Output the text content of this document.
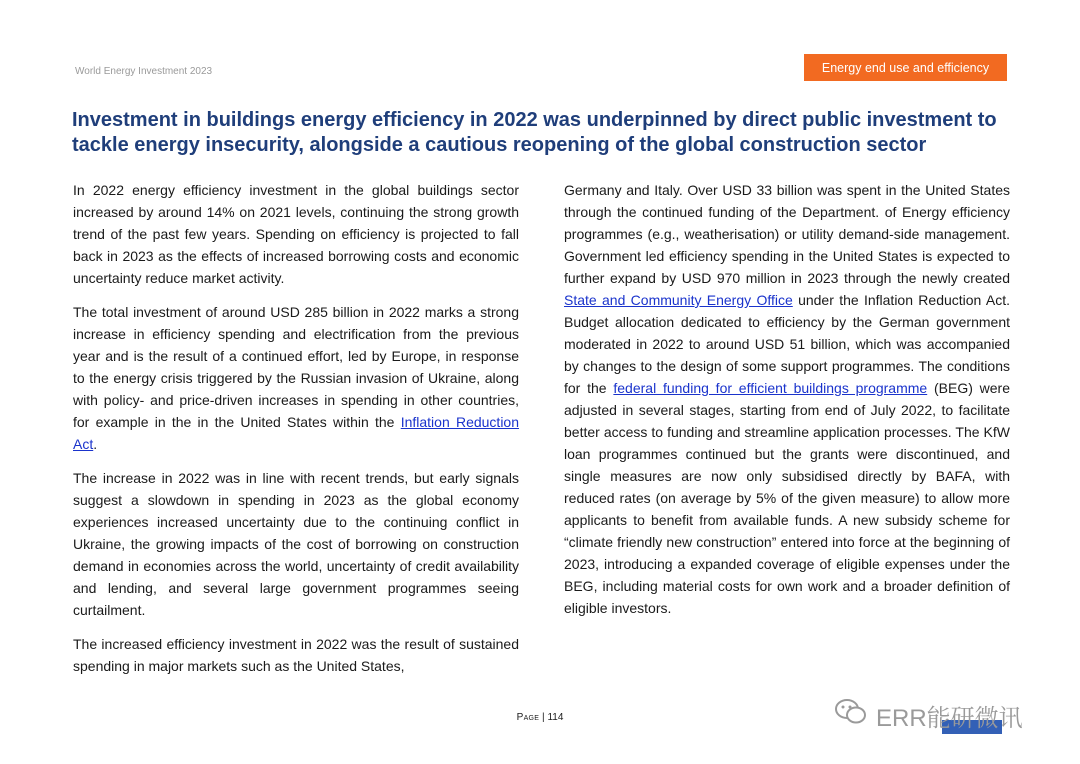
World Energy Investment 2023	Energy end use and efficiency
Investment in buildings energy efficiency in 2022 was underpinned by direct public investment to tackle energy insecurity, alongside a cautious reopening of the global construction sector

In 2022 energy efficiency investment in the global buildings sector increased by around 14% on 2021 levels, continuing the strong growth trend of the past few years. Spending on efficiency is projected to fall back in 2023 as the effects of increased borrowing costs and economic uncertainty reduce market activity.

The total investment of around USD 285 billion in 2022 marks a strong increase in efficiency spending and electrification from the previous year and is the result of a continued effort, led by Europe, in response to the energy crisis triggered by the Russian invasion of Ukraine, along with policy- and price-driven increases in spending in other countries, for example in the in the United States within the Inflation Reduction Act.

The increase in 2022 was in line with recent trends, but early signals suggest a slowdown in spending in 2023 as the global economy experiences increased uncertainty due to the continuing conflict in Ukraine, the growing impacts of the cost of borrowing on construction demand in economies across the world, uncertainty of credit availability and lending, and several large government programmes seeing curtailment.

The increased efficiency investment in 2022 was the result of sustained spending in major markets such as the United States,

Germany and Italy. Over USD 33 billion was spent in the United States through the continued funding of the Department. of Energy efficiency programmes (e.g., weatherisation) or utility demand-side management. Government led efficiency spending in the United States is expected to further expand by USD 970 million in 2023 through the newly created State and Community Energy Office under the Inflation Reduction Act. Budget allocation dedicated to efficiency by the German government moderated in 2022 to around USD 51 billion, which was accompanied by changes to the design of some support programmes. The conditions for the federal funding for efficient buildings programme (BEG) were adjusted in several stages, starting from end of July 2022, to facilitate better access to funding and streamline application processes. The KfW loan programmes continued but the grants were discontinued, and single measures are now only subsidised directly by BAFA, with reduced rates (on average by 5% of the given measure) to allow more applicants to benefit from available funds. A new subsidy scheme for “climate friendly new construction” entered into force at the beginning of 2023, introducing a expanded coverage of eligible expenses under the BEG, including material costs for own work and a broader definition of eligible investors.

Page | 114	ERR能研微讯
